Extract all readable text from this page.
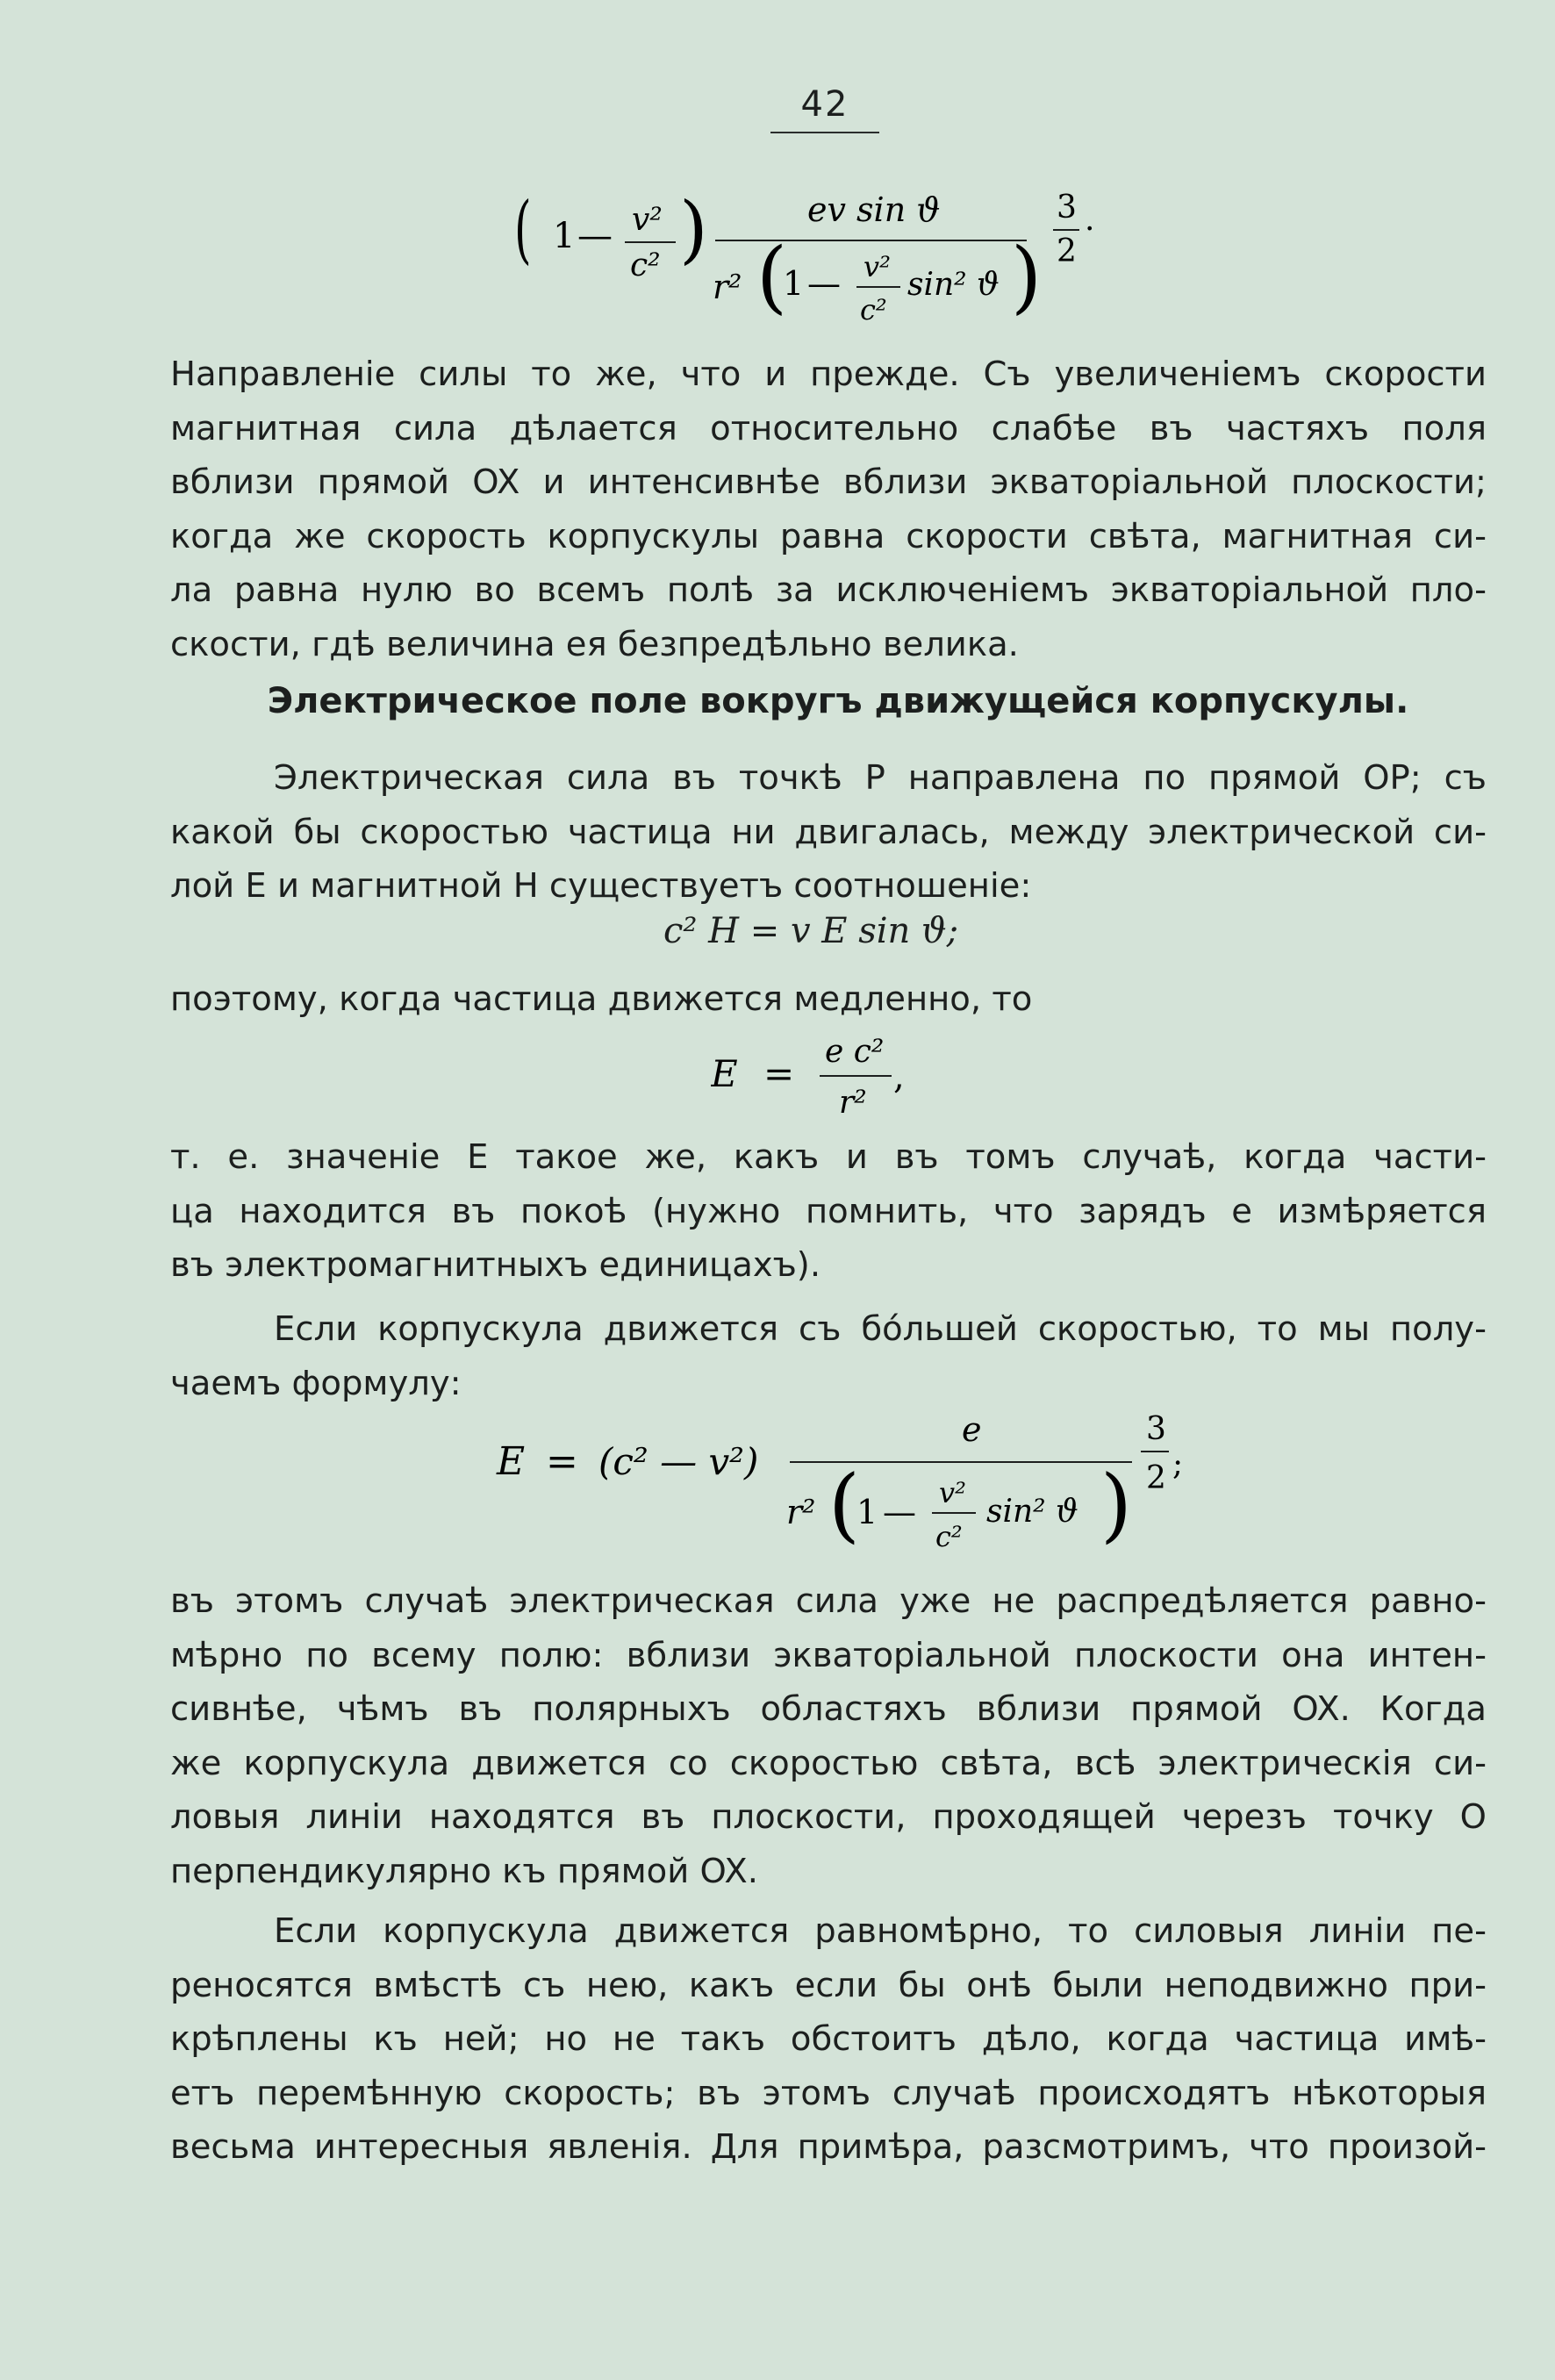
42
( 1 — v²
c² )	ev sin ϑ
r² (
1 — v²
c²
sin² ϑ )
3
2
.
Направленіе силы то же, что и прежде. Съ увеличеніемъ скорости
магнитная сила дѣлается относительно слабѣе въ частяхъ поля
вблизи прямой OX и интенсивнѣе вблизи экваторіальной плоскости;
когда же скорость корпускулы равна скорости свѣта, магнитная си-
ла равна нулю во всемъ полѣ за исключеніемъ экваторіальной пло-
скости, гдѣ величина ея безпредѣльно велика.
Электрическое поле вокругъ движущейся корпускулы.
Электрическая сила въ точкѣ P направлена по прямой OP; съ
какой бы скоростью частица ни двигалась, между электрической си-
лой E и магнитной H существуетъ соотношеніе:
c² H = v E sin ϑ;
поэтому, когда частица движется медленно, то
E =
e c²
r²
,
т. е. значеніе E такое же, какъ и въ томъ случаѣ, когда части-
ца находится въ покоѣ (нужно помнить, что зарядъ e измѣряется
въ электромагнитныхъ единицахъ).
Если корпускула движется съ бо́льшей скоростью, то мы полу-
чаемъ формулу:
E = (c² — v²)
e
r² (
1 — v²
c²
sin² ϑ )
3
2 ;
въ этомъ случаѣ электрическая сила уже не распредѣляется равно-
мѣрно по всему полю: вблизи экваторіальной плоскости она интен-
сивнѣе, чѣмъ въ полярныхъ областяхъ вблизи прямой OX. Когда
же корпускула движется со скоростью свѣта, всѣ электрическія си-
ловыя линіи находятся въ плоскости, проходящей черезъ точку O
перпендикулярно къ прямой OX.
Если корпускула движется равномѣрно, то силовыя линіи пе-
реносятся вмѣстѣ съ нею, какъ если бы онѣ были неподвижно при-
крѣплены къ ней; но не такъ обстоитъ дѣло, когда частица имѣ-
етъ перемѣнную скорость; въ этомъ случаѣ происходятъ нѣкоторыя
весьма интересныя явленія. Для примѣра, разсмотримъ, что произой-
